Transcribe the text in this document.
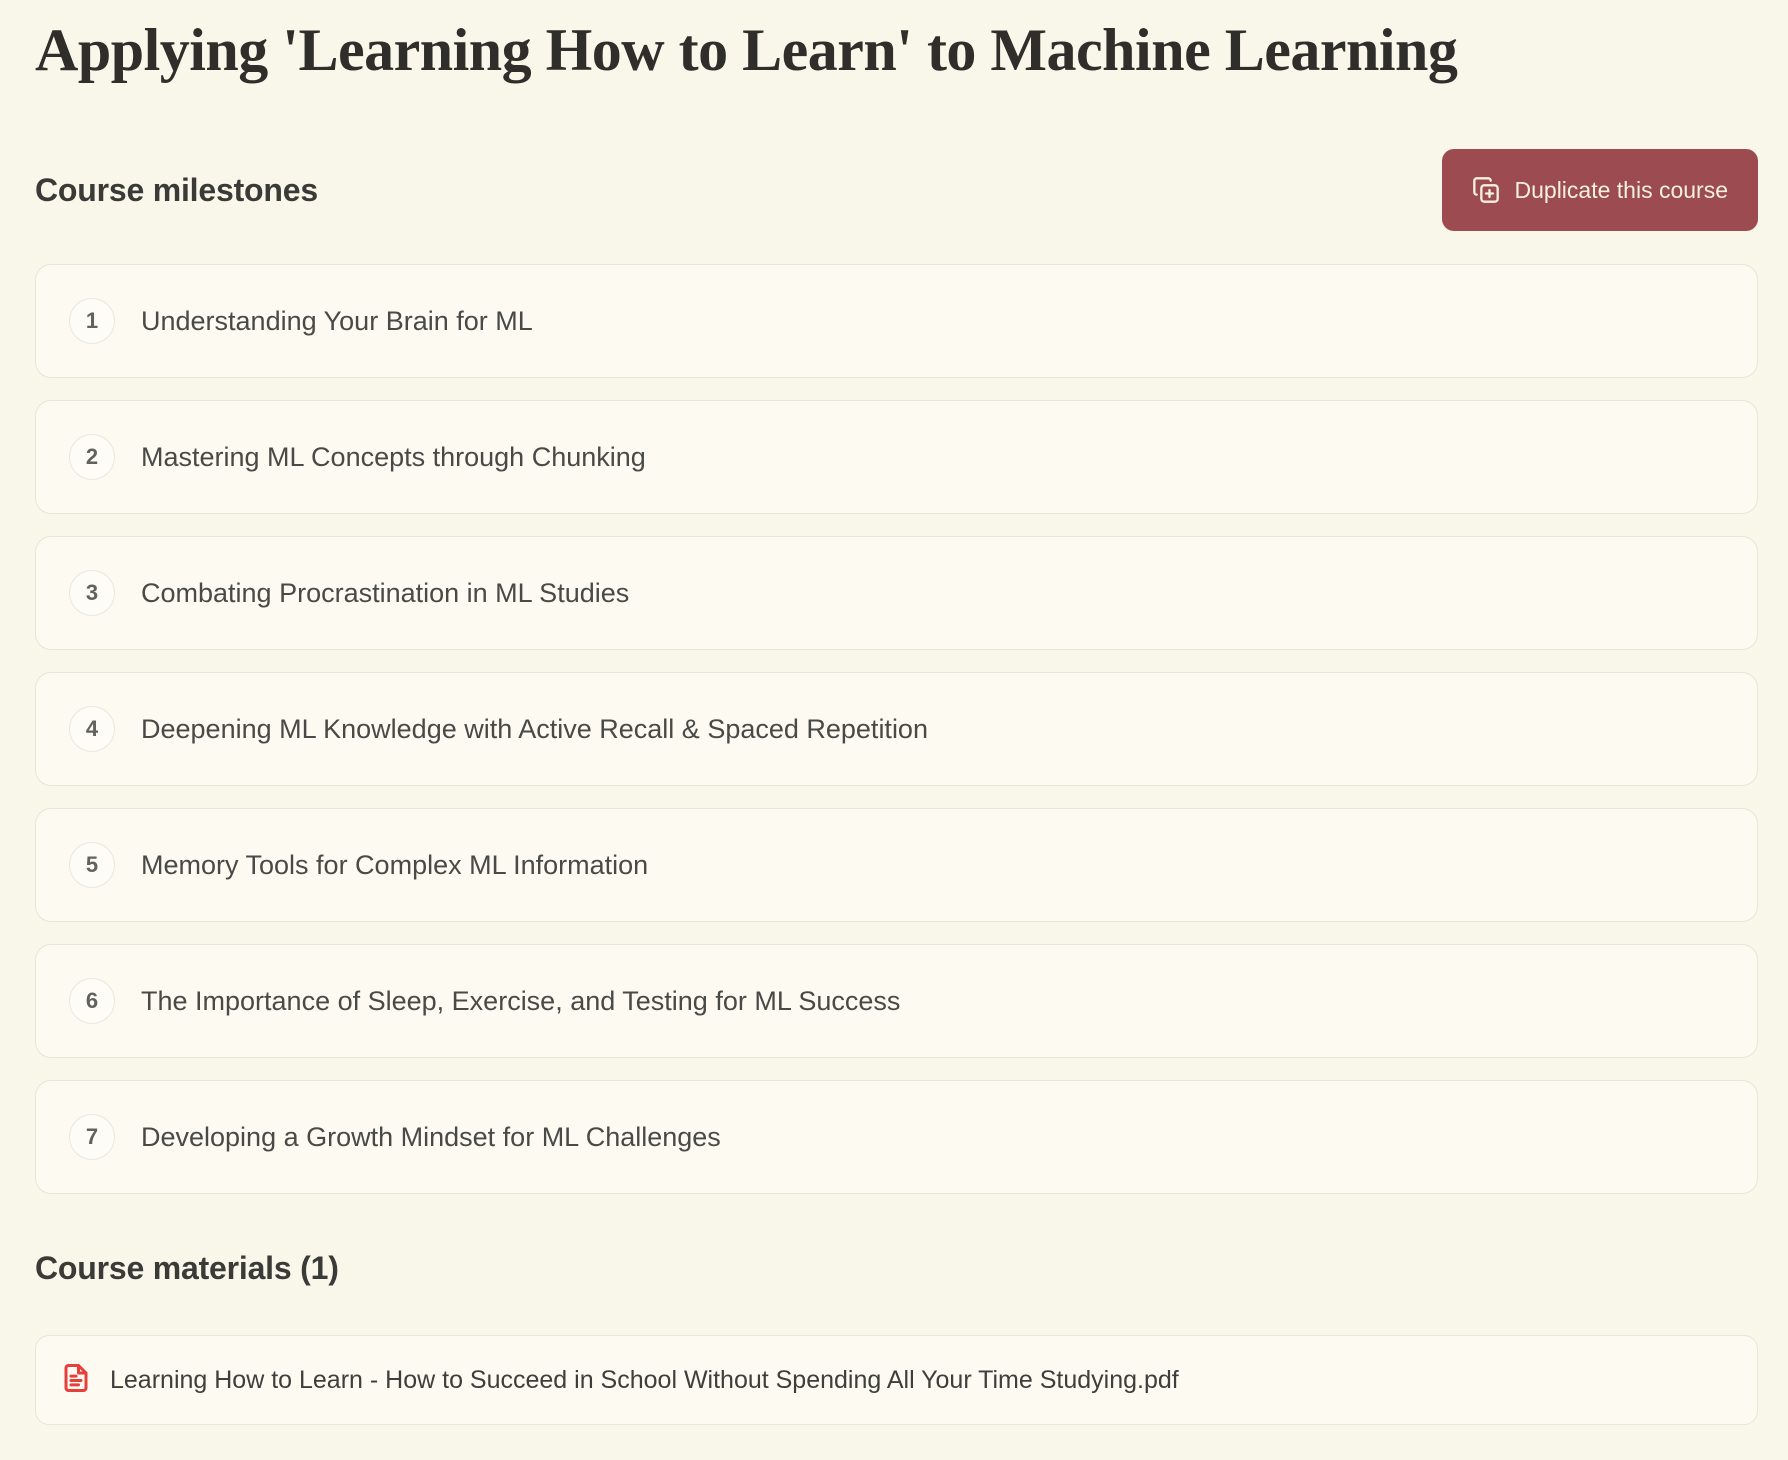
Applying 'Learning How to Learn' to Machine Learning
Course milestones	Duplicate this course
1	Understanding Your Brain for ML
2	Mastering ML Concepts through Chunking
3	Combating Procrastination in ML Studies
4	Deepening ML Knowledge with Active Recall & Spaced Repetition
5	Memory Tools for Complex ML Information
6	The Importance of Sleep, Exercise, and Testing for ML Success
7	Developing a Growth Mindset for ML Challenges
Course materials (1)
Learning How to Learn - How to Succeed in School Without Spending All Your Time Studying.pdf
